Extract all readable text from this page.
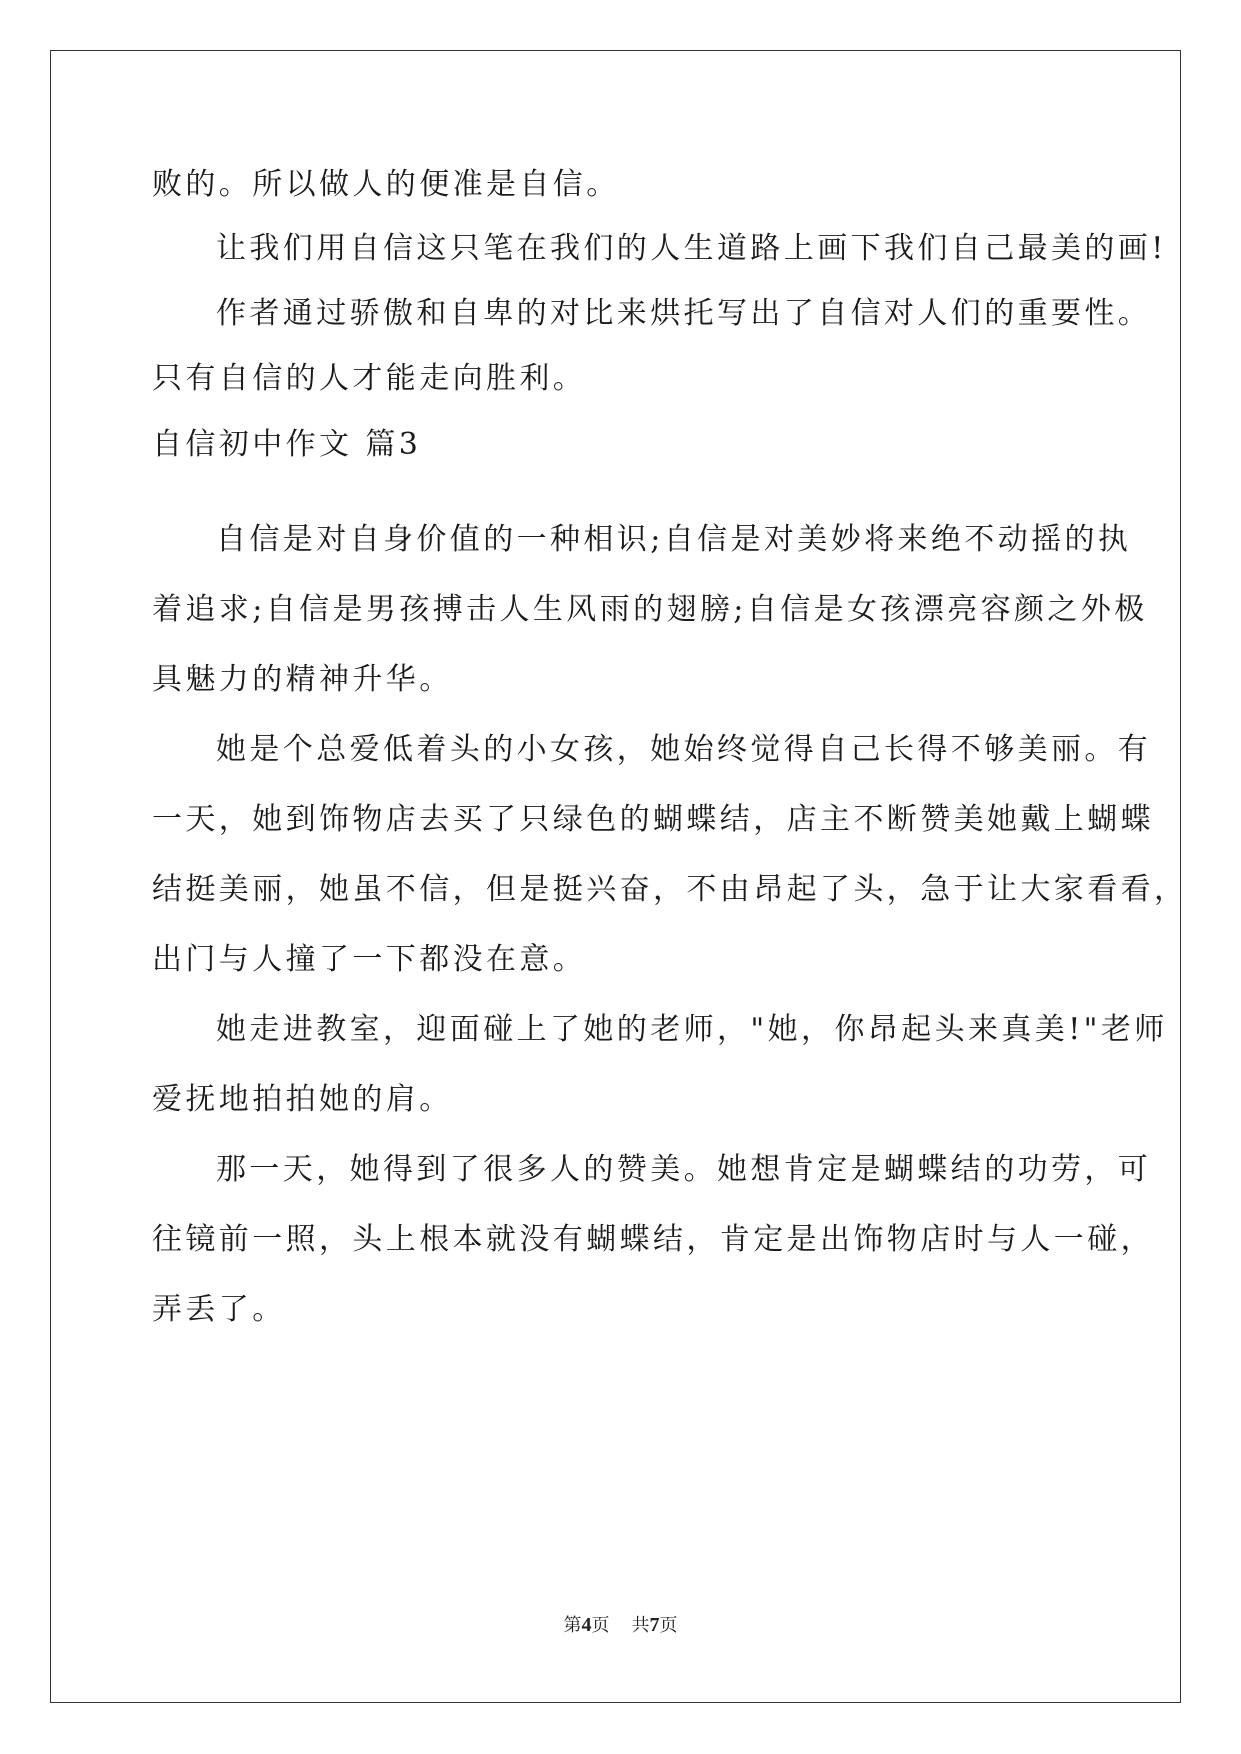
败的。所以做人的便准是自信。
让我们用自信这只笔在我们的人生道路上画下我们自己最美的画!
作者通过骄傲和自卑的对比来烘托写出了自信对人们的重要性。
只有自信的人才能走向胜利。
自信初中作文 篇3
自信是对自身价值的一种相识;自信是对美妙将来绝不动摇的执
着追求;自信是男孩搏击人生风雨的翅膀;自信是女孩漂亮容颜之外极
具魅力的精神升华。
她是个总爱低着头的小女孩，她始终觉得自己长得不够美丽。有
一天，她到饰物店去买了只绿色的蝴蝶结，店主不断赞美她戴上蝴蝶
结挺美丽，她虽不信，但是挺兴奋，不由昂起了头，急于让大家看看，
出门与人撞了一下都没在意。
她走进教室，迎面碰上了她的老师，"她，你昂起头来真美!"老师
爱抚地拍拍她的肩。
那一天，她得到了很多人的赞美。她想肯定是蝴蝶结的功劳，可
往镜前一照，头上根本就没有蝴蝶结，肯定是出饰物店时与人一碰，
弄丢了。
第4页 共7页
